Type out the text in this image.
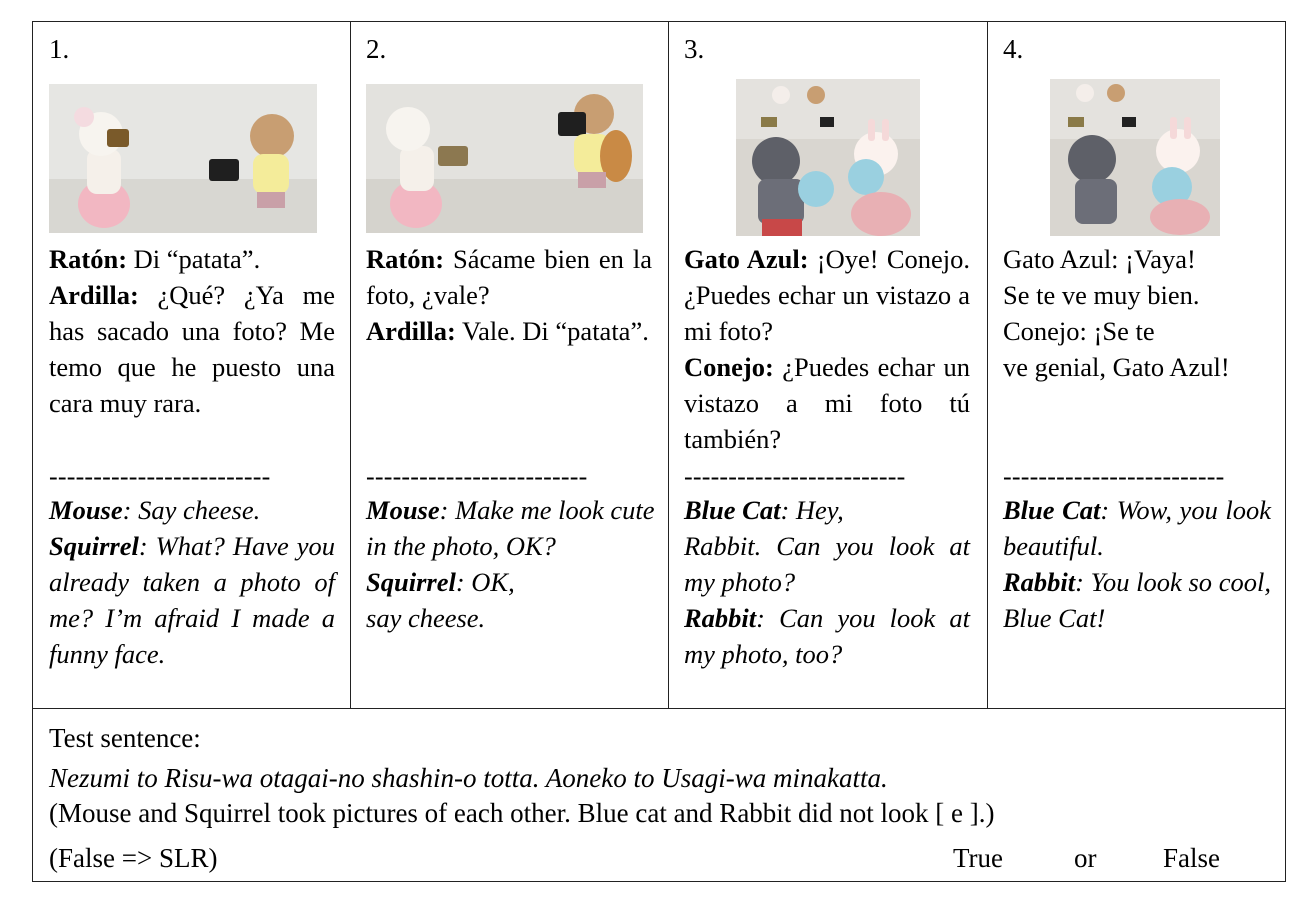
1.
Ratón: Di “patata”.
Ardilla: ¿Qué? ¿Ya me has sacado una foto? Me temo que he puesto una cara muy rara.
-------------------------
Mouse: Say cheese.
Squirrel: What? Have you already taken a photo of me? I’m afraid I made a funny face.
2.
Ratón: Sácame bien en la foto, ¿vale?
Ardilla: Vale. Di “patata”.
-------------------------
Mouse: Make me look cute in the photo, OK?
Squirrel: OK,
say cheese.
3.
Gato Azul: ¡Oye! Conejo. ¿Puedes echar un vistazo a mi foto?
Conejo: ¿Puedes echar un vistazo a mi foto tú también?
-------------------------
Blue Cat: Hey,
Rabbit. Can you look at my photo?
Rabbit: Can you look at my photo, too?
4.
Gato Azul: ¡Vaya!
Se te ve muy bien.
Conejo: ¡Se te
ve genial, Gato Azul!
-------------------------
Blue Cat: Wow, you look beautiful.
Rabbit: You look so cool, Blue Cat!
Test sentence:
Nezumi to Risu-wa otagai-no shashin-o totta. Aoneko to Usagi-wa minakatta.
(Mouse and Squirrel took pictures of each other. Blue cat and Rabbit did not look [ e ].)
(False => SLR)	True	or False
